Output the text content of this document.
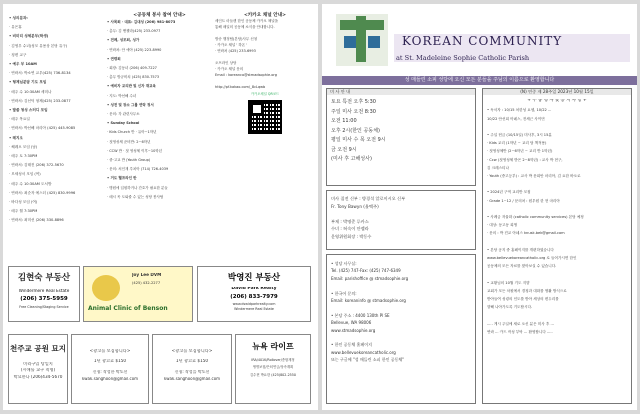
• 성의분과:
· 유은휴
• 비미리 성체분부(학생)
· 김영우 수녀(성모 유용상 본당 유구)
· 청변 교구
• 예우 부 10AM
· 연락처: 박소연 교우(425) 736-8134
• 형제님분담 기도 모임
· 매주 수 10:30AM 세미나
· 연락처: 김선덕 형제(425) 233-0877
• 말씀 청성 스터디 모임
· 매주 목요일
· 연락처: 박선해 마리아 (425) 445-9085
• 레지오
· 쎄레오 모임 (남)
· 매주 토 7:30PM
· 연락처: 김태진 (206) 372-5670
· 모세성서 모임 (여)
· 매주 수 10:30AM 도서방
· 연락처: 최순자 에스더 (425) 830-9996
· 바다성 모임 (여)
· 매주 월 7:30PM
· 연락처: 최미선 (206) 330-8896
<공동체 봉사 참여 안내>
• 사목회 · 대표: 김대성 (206) 981-8073
· 총무: 김 앤젤라(425) 233-0977
• 전례, 성모회, 성가
· 연락처: 안 애아 (425) 223-8990
• 연령회
· 회장: 김동녀 (206) 409-7227
· 총무 방규비치 (425) 830-7573
• 예비자 교리반 및 신자 재교육
· 지도: 박선해 수녀
• 성전 및 장소 그룹 연락 정서
· 문의: 각 관련사무소
• Sunday School
· Kids Church 반 · 유아~1학년
· 첫영성체 준비반: 2~6학년
· CCW 반 · 첫 영성체 이후~10학년
· 중·고교 반 (Youth Group)
· 문의: 처인재 루치아 (714) 726-4039
• 거도 헬프라인 반
· 병원에 입원하거나 간호가 필요한 분들
· 매시 꼭 도와줄 수 있는 성당 봉사팀
<카카오 채널 안내>
세인트 마들렌 한인 공동체 카카오 채널을
통해 매일의 공동체 소식을 안내합니다.

방송 행정팀(본당)사무 신청
· 카카오 채널 ' 하온 '
· 연락처 (425) 233-6993

오프라인 상당
· 카카오 채널 문의
Email : koreanco@stmadsophie.org

http://pf.kakao.com/_8cLqwb
카카오채널 QR코드
김현숙 부동산
Windermere Real Estate
(206) 375-5959
Free Cleaning/Staging Service
Joy Lee DVM
(425) 432-2277
Animal Clinic of Benson
박영진 부동산
David Park Realty
(206) 833-7979
www.dswidparkrealty.com
Windermere Real Estate
천주교 공원 묘지
미리구입 당일지
(시애틀 교구 직영)
박요한나 (206)434-5670
<광고를 모집합니다>
1년 광고료 $150
신청: 작성한 박도선
kwak.sanghoon@gmail.com
<광고를 모집합니다>
1년 광고료 $150
신청: 작성을 박도선
kwak.sanghoon@gmail.com
뉴욕 라이프
IRA/401K/Rollover/종합재정
생명보험/은퇴연금/상속계획
김수현 박요한 (425)802-2550
KOREAN COMMUNITY
at St. Madeleine Sophie Catholic Parish
성 매들린 소피 성당에 오신 모든 분들을 주님의 이름으로 환영합니다
미 사 안 내
토요 특전 오후 5:30
주일 미사 오전 8:30
오전 11:00
오후 2시(한인 공동체)
평일 미사 수 목 오전 9시
금 오전 9시
(미사 후 고해성사)
미사 집전 신부 : 방경석 알로이시오 신부
Fr. Tony Bawyn (율맥주)

부제 : 박명준 루카스
수녀 : 허숙이 안젤라
운영위원회장 : 박동수
• 성당 사무실:
Tel. (425) 747-Fax: (425) 747-6349
Email: parishoffice @ stmadsophie.org

• 한국어 문의:
Email: koreaninfo @ stmadsophie.org

• 본당 주소 : 4400 130th Pl SE
Bellevue, WA 98006
www.stmadsophie.org

• 한인 공동체 홈페이지
www.bellevuekoreancatholic.org
또는 구글에 "성 매들린 소피 한인 공동체"
(N) 연중 제 28주일 2023년 10월 15일
+ 주 중 행 사 및 공 지 사 항 +
• 독서자 : 10/15 처한성 요셉, 10/22 ...
10/22 안선희 아녜스, 전세근 사이먼

• 주일 헌금 (10/15일) 미사후, 3시 15분
· Kids 교리 (1학년 ~ 교리 담 책적용)
· 첫영성체반 (2~6학년 ~ 교리 반 1학년)
· Ccw (첫영성체 받은 2~8학년) : 교사 박 현구,
김 크레스티나
· Youth (중고등부) : 교사 박 문희안 마리아, 김 요한 바오로

• 2024년 구역 교리반 모집
· Grade 1~12 / 문의처 : 원우원 한 현 마리아

• 사례금 자율화 (catholic community services) 본당 예정
· 대상: 동고동 희생
· 문의 : 박 진교 아녜스 knusk.bek@gmail.com

• 본당 공지 중 홈페이지를 개편하였습니다
www.bellevuekoreancatholic.org 로 들어가시면 한인
공동체의 모든 자료를 찾아보실 수 있습니다.

• 교황님의 10월 기도 지향
교회가 모든 차원에서 경청과 대화를 생활 방식으로
받아들여 성령의 인도를 받아 세상의 변두리를
향해 나아가도록 기도합시다.

..... 게시 주일에 새로 오신 분은 미사 후 ...
연락 ... 카드 작성 부탁 ... 환영합니다 .....
